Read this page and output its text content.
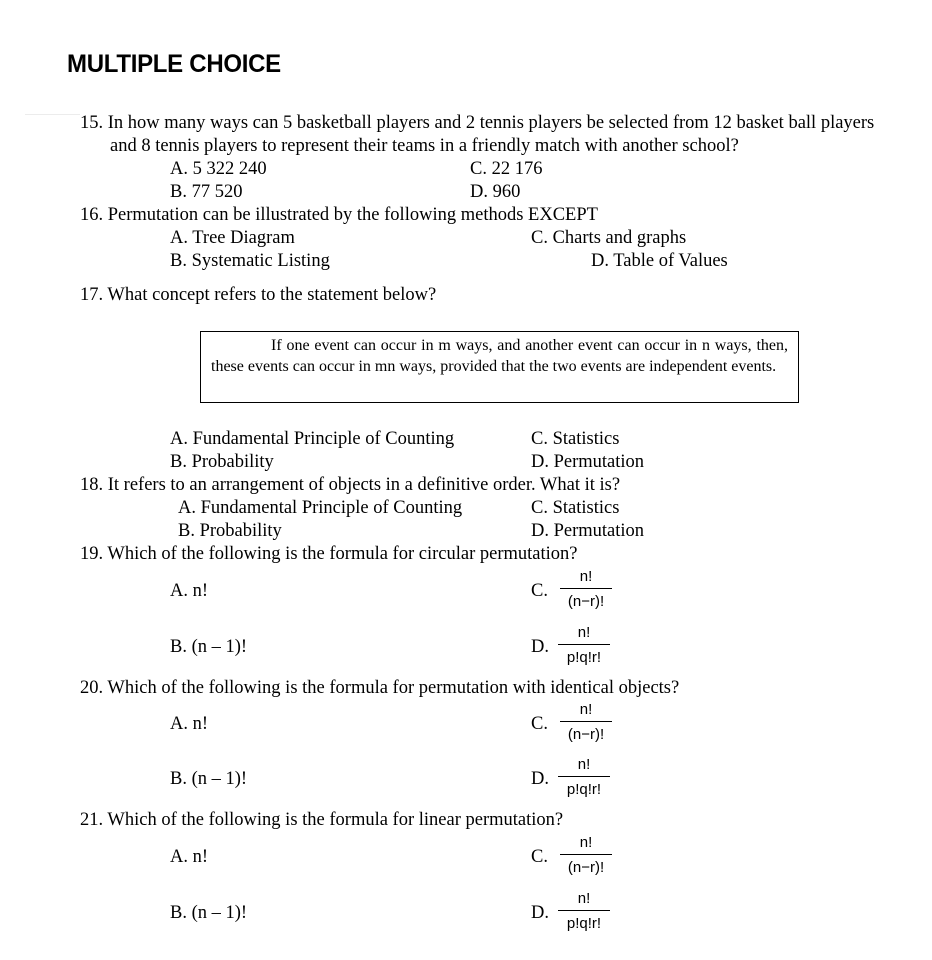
MULTIPLE CHOICE
15. In how many ways can 5 basketball players and 2 tennis players be selected from 12 basket ball players
and 8 tennis players to represent their teams in a friendly match with another school?
A. 5 322 240	C. 22 176
B. 77 520	D. 960
16. Permutation can be illustrated by the following methods EXCEPT
A. Tree Diagram	C. Charts and graphs
B. Systematic Listing	D. Table of Values
17. What concept refers to the statement below?
If one event can occur in m ways, and another event can occur in n ways, then, these events can occur in mn ways, provided that the two events are independent events.
A. Fundamental Principle of Counting	C. Statistics
B. Probability	D. Permutation
18. It refers to an arrangement of objects in a definitive order. What it is?
A. Fundamental Principle of Counting	C. Statistics
B. Probability	D. Permutation
19. Which of the following is the formula for circular permutation?
A. n!	C.
n!
(n−r)!
B. (n – 1)!	D.
n!
p!q!r!
20. Which of the following is the formula for permutation with identical objects?
A. n!	C.
n!
(n−r)!
B. (n – 1)!	D.
n!
p!q!r!
21. Which of the following is the formula for linear permutation?
A. n!	C.
n!
(n−r)!
B. (n – 1)!	D.
n!
p!q!r!
